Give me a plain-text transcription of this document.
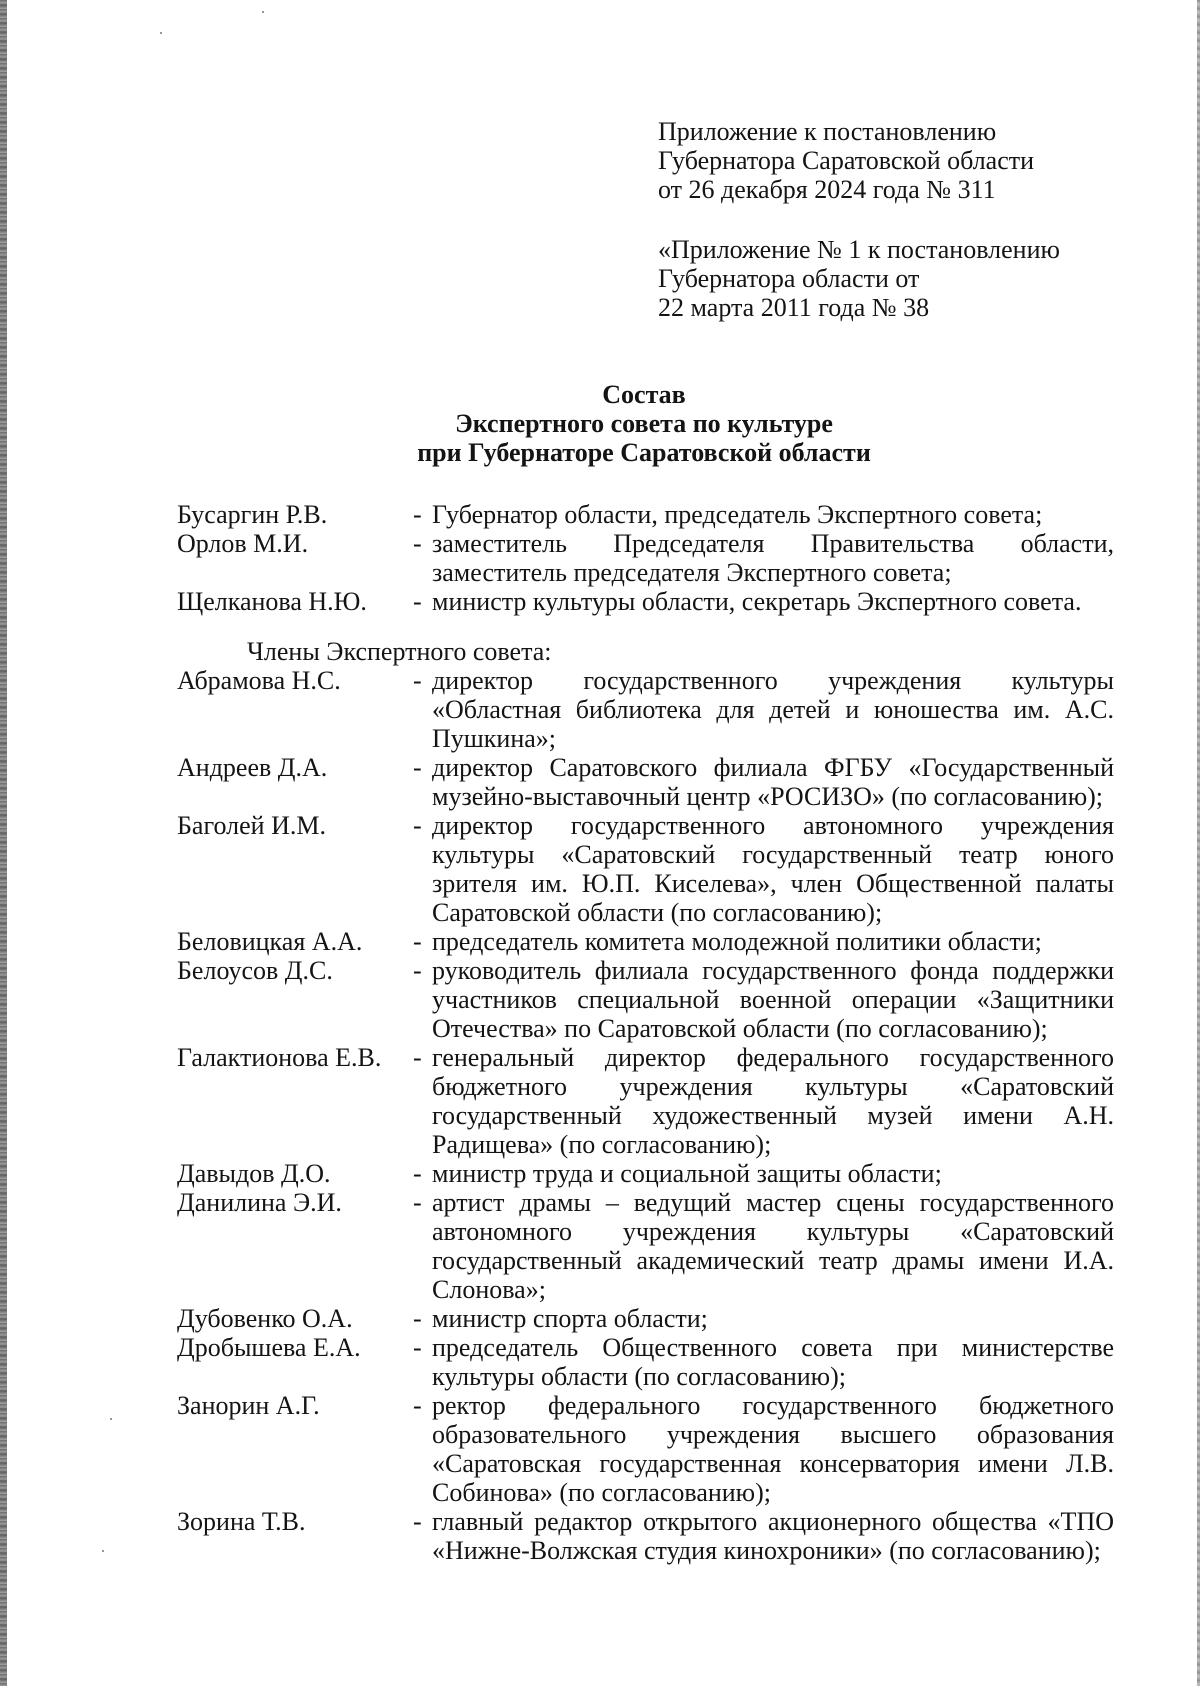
Приложение к постановлению
Губернатора Саратовской области
от 26 декабря 2024 года № 311
«Приложение № 1 к постановлению
Губернатора области от
22 марта 2011 года № 38
Состав
Экспертного совета по культуре
при Губернаторе Саратовской области
Бусаргин Р.В.	- Губернатор области, председатель Экспертного совета;
Орлов М.И.	- заместитель Председателя Правительства области, заместитель председателя Экспертного совета;
Щелканова Н.Ю.	- министр культуры области, секретарь Экспертного совета.
Члены Экспертного совета:
Абрамова Н.С.	- директор государственного учреждения культуры «Областная библиотека для детей и юношества им. А.С. Пушкина»;
Андреев Д.А.	- директор Саратовского филиала ФГБУ «Государственный музейно-выставочный центр «РОСИЗО» (по согласованию);
Баголей И.М.	- директор государственного автономного учреждения культуры «Саратовский государственный театр юного зрителя им. Ю.П. Киселева», член Общественной палаты Саратовской области (по согласованию);
Беловицкая А.А.	- председатель комитета молодежной политики области;
Белоусов Д.С.	- руководитель филиала государственного фонда поддержки участников специальной военной операции «Защитники Отечества» по Саратовской области (по согласованию);
Галактионова Е.В.	- генеральный директор федерального государственного бюджетного учреждения культуры «Саратовский государственный художественный музей имени А.Н. Радищева» (по согласованию);
Давыдов Д.О.	- министр труда и социальной защиты области;
Данилина Э.И.	- артист драмы – ведущий мастер сцены государственного автономного учреждения культуры «Саратовский государственный академический театр драмы имени И.А. Слонова»;
Дубовенко О.А.	- министр спорта области;
Дробышева Е.А.	- председатель Общественного совета при министерстве культуры области (по согласованию);
Занорин А.Г.	- ректор федерального государственного бюджетного образовательного учреждения высшего образования «Саратовская государственная консерватория имени Л.В. Собинова» (по согласованию);
Зорина Т.В.	- главный редактор открытого акционерного общества «ТПО «Нижне-Волжская студия кинохроники» (по согласованию);
